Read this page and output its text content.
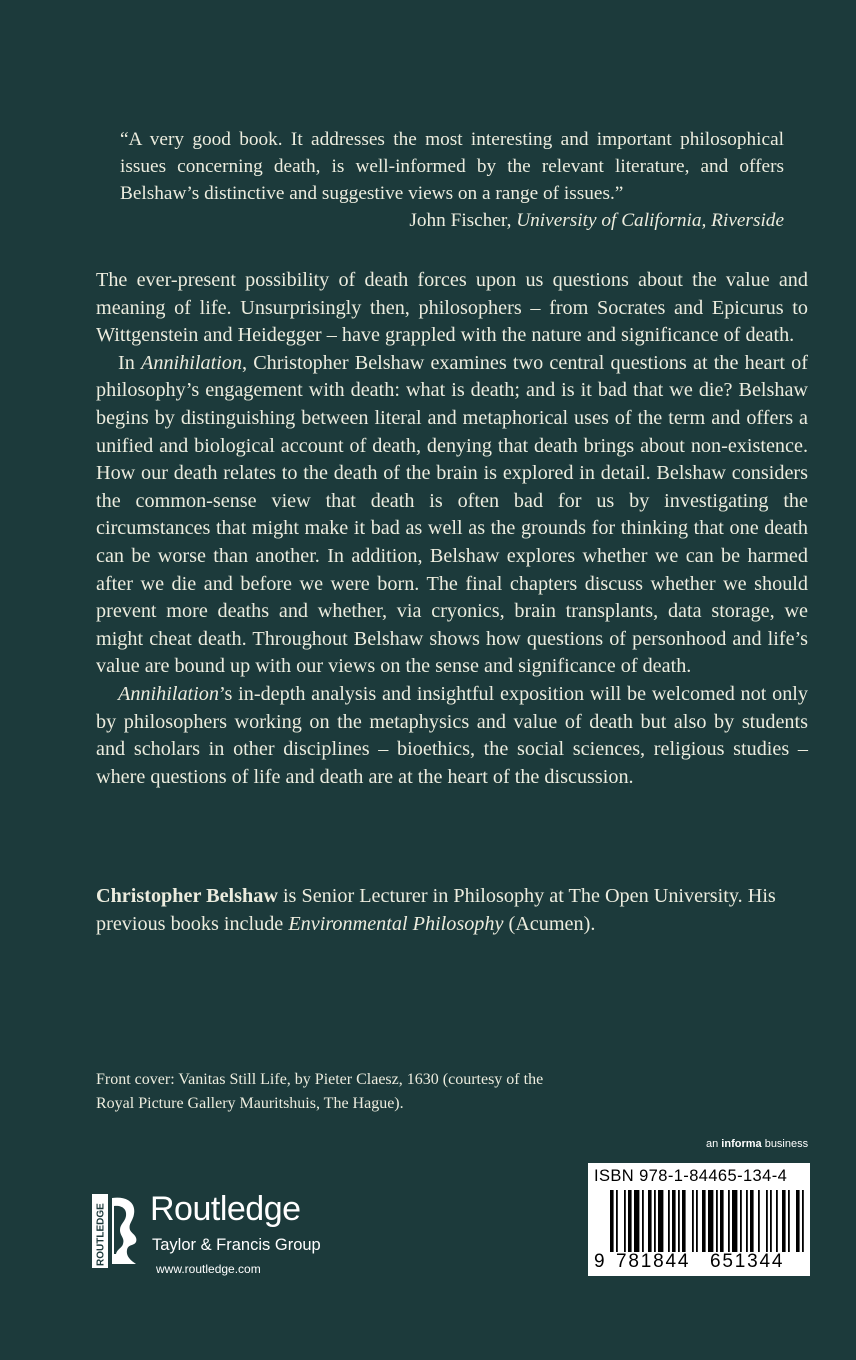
“A very good book. It addresses the most interesting and important philosophical issues concerning death, is well-informed by the relevant literature, and offers Belshaw’s distinctive and suggestive views on a range of issues.”
John Fischer, University of California, Riverside

The ever-present possibility of death forces upon us questions about the value and meaning of life. Unsurprisingly then, philosophers – from Socrates and Epicurus to Wittgenstein and Heidegger – have grappled with the nature and significance of death.

In Annihilation, Christopher Belshaw examines two central questions at the heart of philosophy’s engagement with death: what is death; and is it bad that we die? Belshaw begins by distinguishing between literal and metaphorical uses of the term and offers a unified and biological account of death, denying that death brings about non-existence. How our death relates to the death of the brain is explored in detail. Belshaw considers the common-sense view that death is often bad for us by investigating the circumstances that might make it bad as well as the grounds for thinking that one death can be worse than another. In addition, Belshaw explores whether we can be harmed after we die and before we were born. The final chapters discuss whether we should prevent more deaths and whether, via cryonics, brain transplants, data storage, we might cheat death. Throughout Belshaw shows how questions of personhood and life’s value are bound up with our views on the sense and significance of death.

Annihilation’s in-depth analysis and insightful exposition will be welcomed not only by philosophers working on the metaphysics and value of death but also by students and scholars in other disciplines – bioethics, the social sciences, religious studies – where questions of life and death are at the heart of the discussion.

Christopher Belshaw is Senior Lecturer in Philosophy at The Open University. His previous books include Environmental Philosophy (Acumen).
Front cover: Vanitas Still Life, by Pieter Claesz, 1630 (courtesy of the Royal Picture Gallery Mauritshuis, The Hague).
an informa business
ROUTLEDGE Routledge
Taylor & Francis Group
www.routledge.com
ISBN 978-1-84465-134-4
9 781844 651344
